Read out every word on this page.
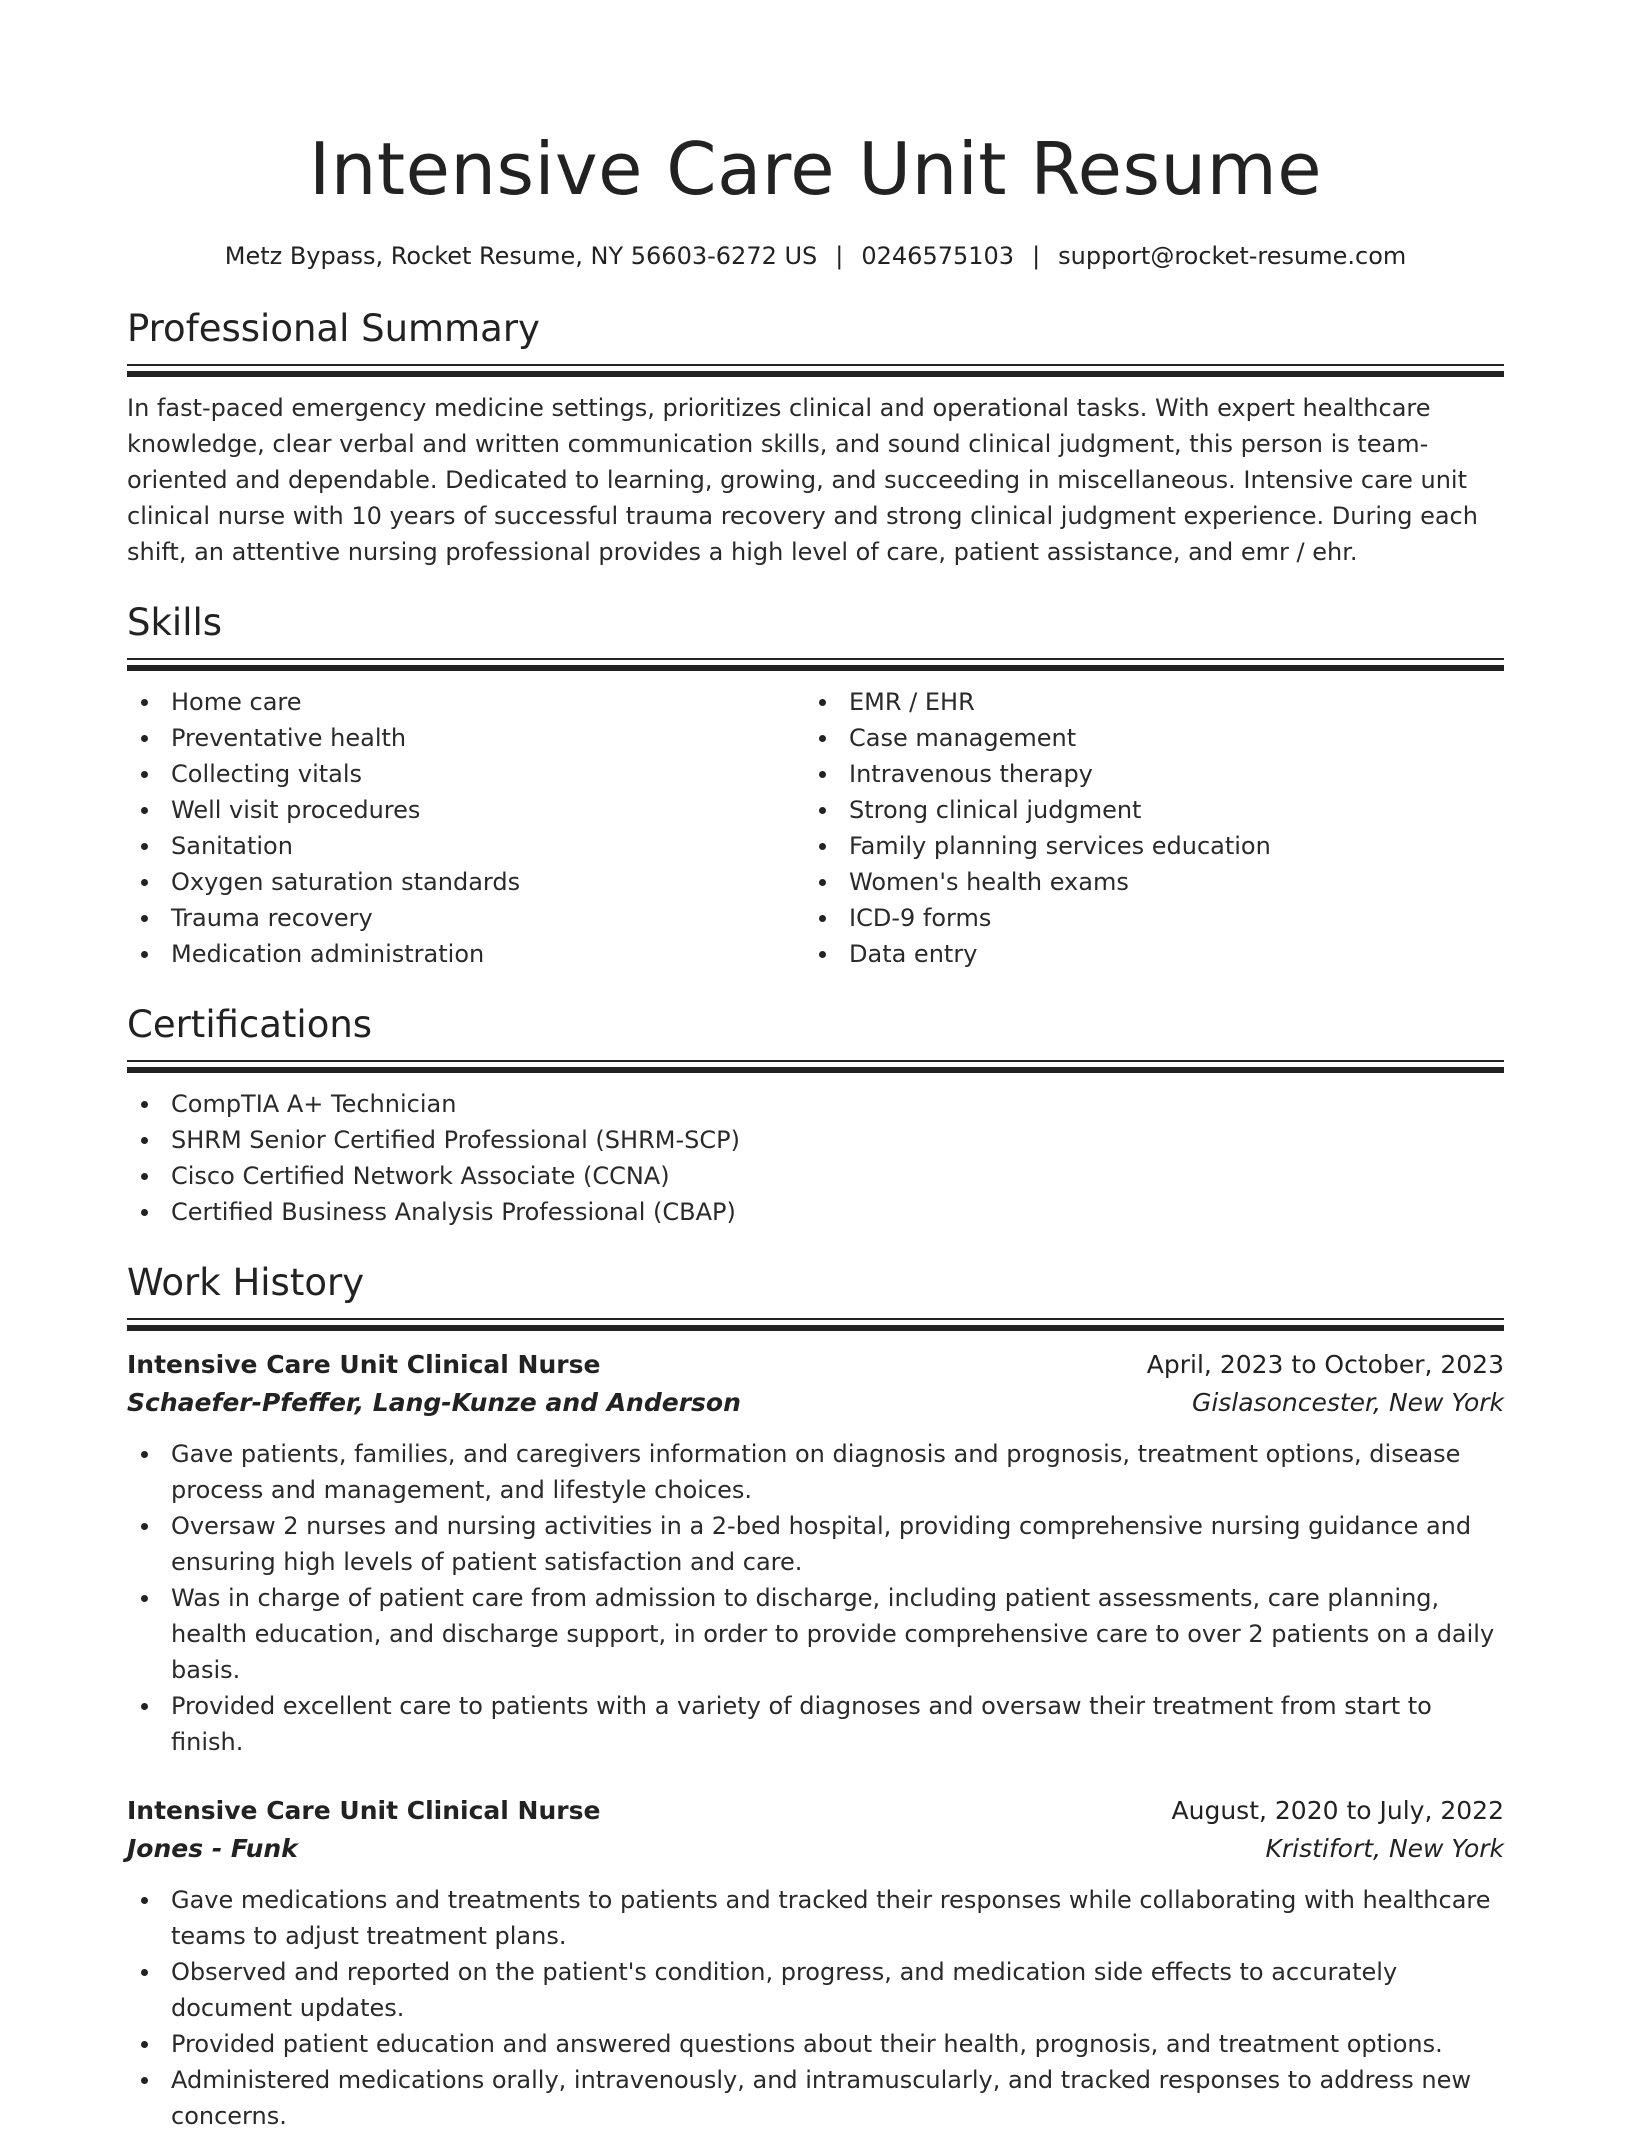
Intensive Care Unit Resume
Metz Bypass, Rocket Resume, NY 56603-6272 US | 0246575103 | support@rocket-resume.com
Professional Summary
In fast-paced emergency medicine settings, prioritizes clinical and operational tasks. With expert healthcare knowledge, clear verbal and written communication skills, and sound clinical judgment, this person is team-oriented and dependable. Dedicated to learning, growing, and succeeding in miscellaneous. Intensive care unit clinical nurse with 10 years of successful trauma recovery and strong clinical judgment experience. During each shift, an attentive nursing professional provides a high level of care, patient assistance, and emr / ehr.
Skills
Home care
Preventative health
Collecting vitals
Well visit procedures
Sanitation
Oxygen saturation standards
Trauma recovery
Medication administration
EMR / EHR
Case management
Intravenous therapy
Strong clinical judgment
Family planning services education
Women's health exams
ICD-9 forms
Data entry
Certifications
CompTIA A+ Technician
SHRM Senior Certified Professional (SHRM-SCP)
Cisco Certified Network Associate (CCNA)
Certified Business Analysis Professional (CBAP)
Work History
Intensive Care Unit Clinical Nurse	April, 2023 to October, 2023
Schaefer-Pfeffer, Lang-Kunze and Anderson	Gislasoncester, New York
Gave patients, families, and caregivers information on diagnosis and prognosis, treatment options, disease process and management, and lifestyle choices.
Oversaw 2 nurses and nursing activities in a 2-bed hospital, providing comprehensive nursing guidance and ensuring high levels of patient satisfaction and care.
Was in charge of patient care from admission to discharge, including patient assessments, care planning, health education, and discharge support, in order to provide comprehensive care to over 2 patients on a daily basis.
Provided excellent care to patients with a variety of diagnoses and oversaw their treatment from start to finish.
Intensive Care Unit Clinical Nurse	August, 2020 to July, 2022
Jones - Funk	Kristifort, New York
Gave medications and treatments to patients and tracked their responses while collaborating with healthcare teams to adjust treatment plans.
Observed and reported on the patient's condition, progress, and medication side effects to accurately document updates.
Provided patient education and answered questions about their health, prognosis, and treatment options.
Administered medications orally, intravenously, and intramuscularly, and tracked responses to address new concerns.
